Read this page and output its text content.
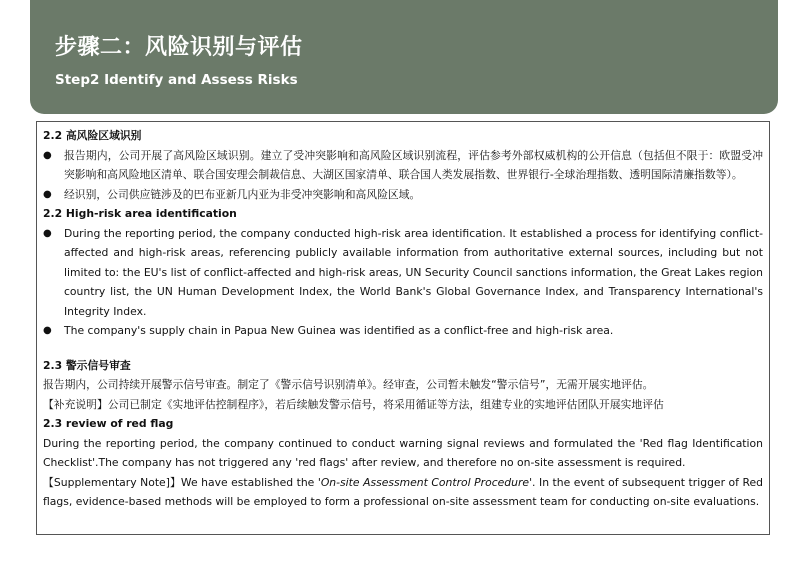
步骤二：风险识别与评估
Step2 Identify and Assess Risks
2.2 高风险区域识别
●	报告期内，公司开展了高风险区域识别。建立了受冲突影响和高风险区域识别流程，评估参考外部权威机构的公开信息（包括但不限于：欧盟受冲突影响和高风险地区清单、联合国安理会制裁信息、大湖区国家清单、联合国人类发展指数、世界银行-全球治理指数、透明国际清廉指数等）。
●	经识别，公司供应链涉及的巴布亚新几内亚为非受冲突影响和高风险区域。
2.2 High-risk area identification
●	During the reporting period, the company conducted high-risk area identification. It established a process for identifying conflict-affected and high-risk areas, referencing publicly available information from authoritative external sources, including but not limited to: the EU's list of conflict-affected and high-risk areas, UN Security Council sanctions information, the Great Lakes region country list, the UN Human Development Index, the World Bank's Global Governance Index, and Transparency International's Integrity Index.
●	The company's supply chain in Papua New Guinea was identified as a conflict-free and high-risk area.
2.3 警示信号审查
报告期内，公司持续开展警示信号审查。制定了《警示信号识别清单》。经审查，公司暂未触发“警示信号”，无需开展实地评估。
【补充说明】公司已制定《实地评估控制程序》，若后续触发警示信号，将采用循证等方法，组建专业的实地评估团队开展实地评估
2.3 review of red flag
During the reporting period, the company continued to conduct warning signal reviews and formulated the 'Red flag Identification Checklist'.The company has not triggered any 'red flags' after review, and therefore no on-site assessment is required.
【Supplementary Note]】We have established the 'On-site Assessment Control Procedure'. In the event of subsequent trigger of Red flags, evidence-based methods will be employed to form a professional on-site assessment team for conducting on-site evaluations.
